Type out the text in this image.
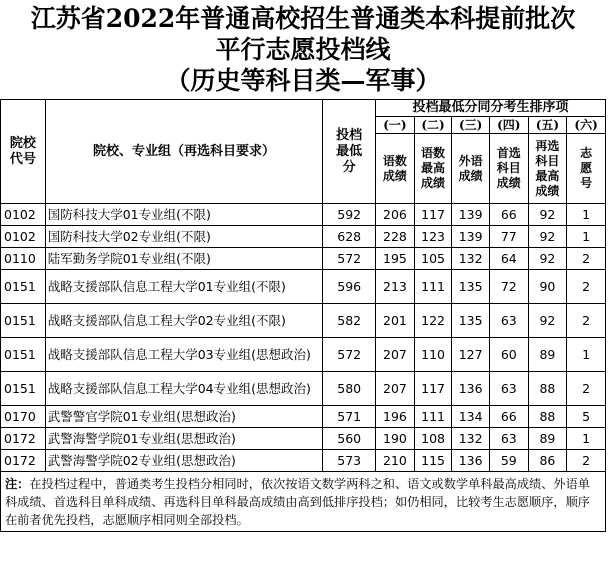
江苏省2022年普通高校招生普通类本科提前批次
平行志愿投档线
（历史等科目类—军事）
院校代号	院校、专业组（再选科目要求）	投档最低分	投档最低分同分考生排序项					
			(一)	(二)	(三)	(四)	(五)	(六)

			语数成绩	语数最高成绩	外语成绩	首选科目成绩	再选科目最高成绩	志愿号

0102	国防科技大学01专业组(不限)	592	206	117	139	66	92	1
0102	国防科技大学02专业组(不限)	628	228	123	139	77	92	1
0110	陆军勤务学院01专业组(不限)	572	195	105	132	64	92	2
0151	战略支援部队信息工程大学01专业组(不限)	596	213	111	135	72	90	2
0151	战略支援部队信息工程大学02专业组(不限)	582	201	122	135	63	92	2
0151	战略支援部队信息工程大学03专业组(思想政治)	572	207	110	127	60	89	1
0151	战略支援部队信息工程大学04专业组(思想政治)	580	207	117	136	63	88	2
0170	武警警官学院01专业组(思想政治)	571	196	111	134	66	88	5
0172	武警海警学院01专业组(思想政治)	560	190	108	132	63	89	1
0172	武警海警学院02专业组(思想政治)	573	210	115	136	59	86	2
注：在投档过程中，普通类考生投档分相同时，依次按语文数学两科之和、语文或数学单科最高成绩、外语单科成绩、首选科目单科成绩、再选科目单科最高成绩由高到低排序投档；如仍相同，比较考生志愿顺序，顺序在前者优先投档，志愿顺序相同则全部投档。
